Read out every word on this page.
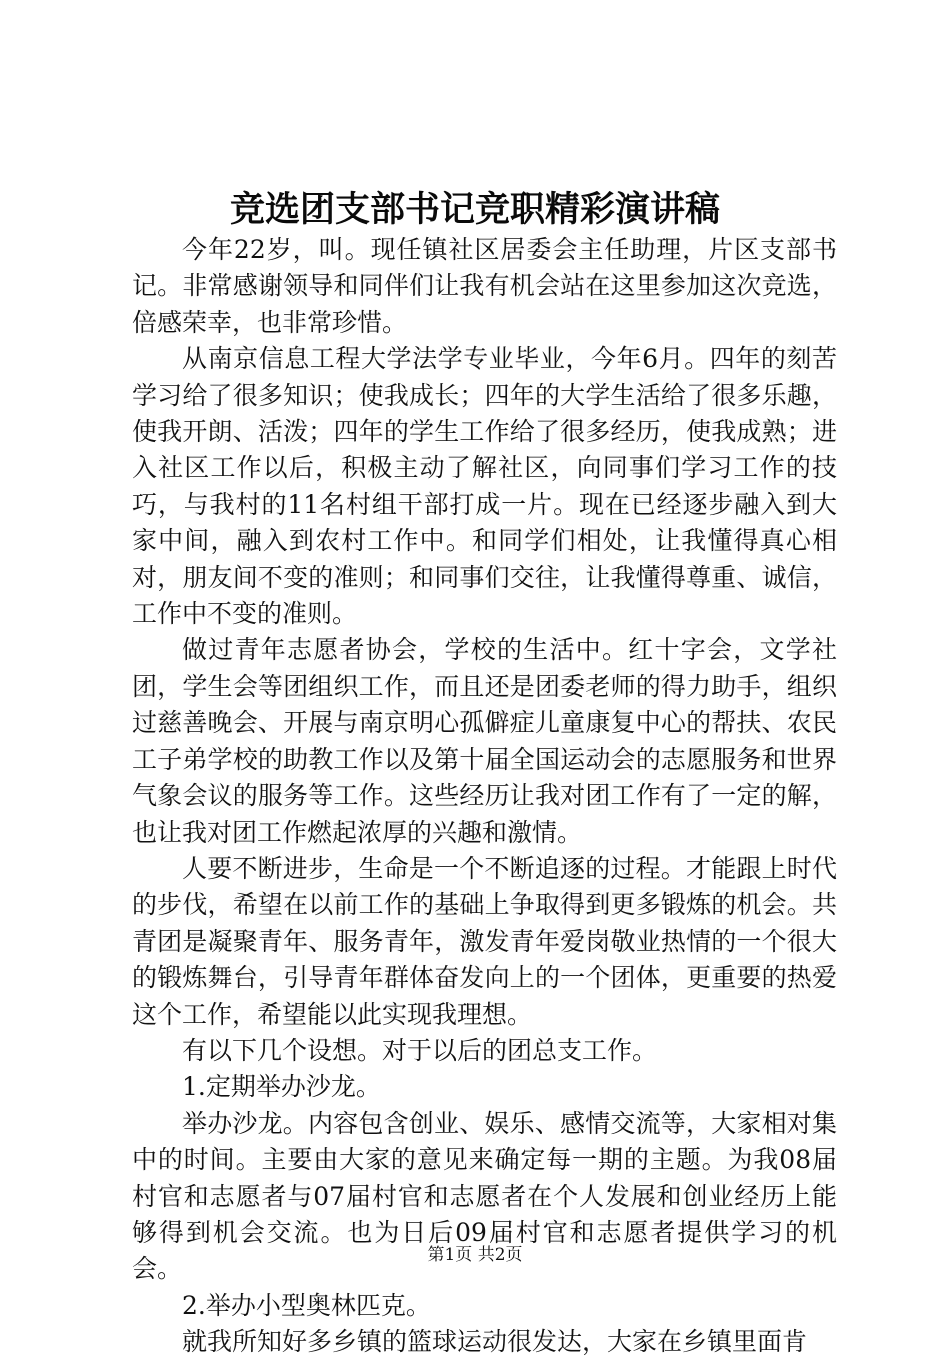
竞选团支部书记竞职精彩演讲稿

今年22岁，叫。现任镇社区居委会主任助理，片区支部书记。非常感谢领导和同伴们让我有机会站在这里参加这次竞选，倍感荣幸，也非常珍惜。

从南京信息工程大学法学专业毕业，今年6月。四年的刻苦学习给了很多知识；使我成长；四年的大学生活给了很多乐趣，使我开朗、活泼；四年的学生工作给了很多经历，使我成熟；进入社区工作以后，积极主动了解社区，向同事们学习工作的技巧，与我村的11名村组干部打成一片。现在已经逐步融入到大家中间，融入到农村工作中。和同学们相处，让我懂得真心相对，朋友间不变的准则；和同事们交往，让我懂得尊重、诚信，工作中不变的准则。

做过青年志愿者协会，学校的生活中。红十字会，文学社团，学生会等团组织工作，而且还是团委老师的得力助手，组织过慈善晚会、开展与南京明心孤僻症儿童康复中心的帮扶、农民工子弟学校的助教工作以及第十届全国运动会的志愿服务和世界气象会议的服务等工作。这些经历让我对团工作有了一定的解，也让我对团工作燃起浓厚的兴趣和激情。

人要不断进步，生命是一个不断追逐的过程。才能跟上时代的步伐，希望在以前工作的基础上争取得到更多锻炼的机会。共青团是凝聚青年、服务青年，激发青年爱岗敬业热情的一个很大的锻炼舞台，引导青年群体奋发向上的一个团体，更重要的热爱这个工作，希望能以此实现我理想。

有以下几个设想。对于以后的团总支工作。

1.定期举办沙龙。

举办沙龙。内容包含创业、娱乐、感情交流等，大家相对集中的时间。主要由大家的意见来确定每一期的主题。为我08届村官和志愿者与07届村官和志愿者在个人发展和创业经历上能够得到机会交流。也为日后09届村官和志愿者提供学习的机会。

2.举办小型奥林匹克。

就我所知好多乡镇的篮球运动很发达，大家在乡镇里面肯

第1页 共2页
